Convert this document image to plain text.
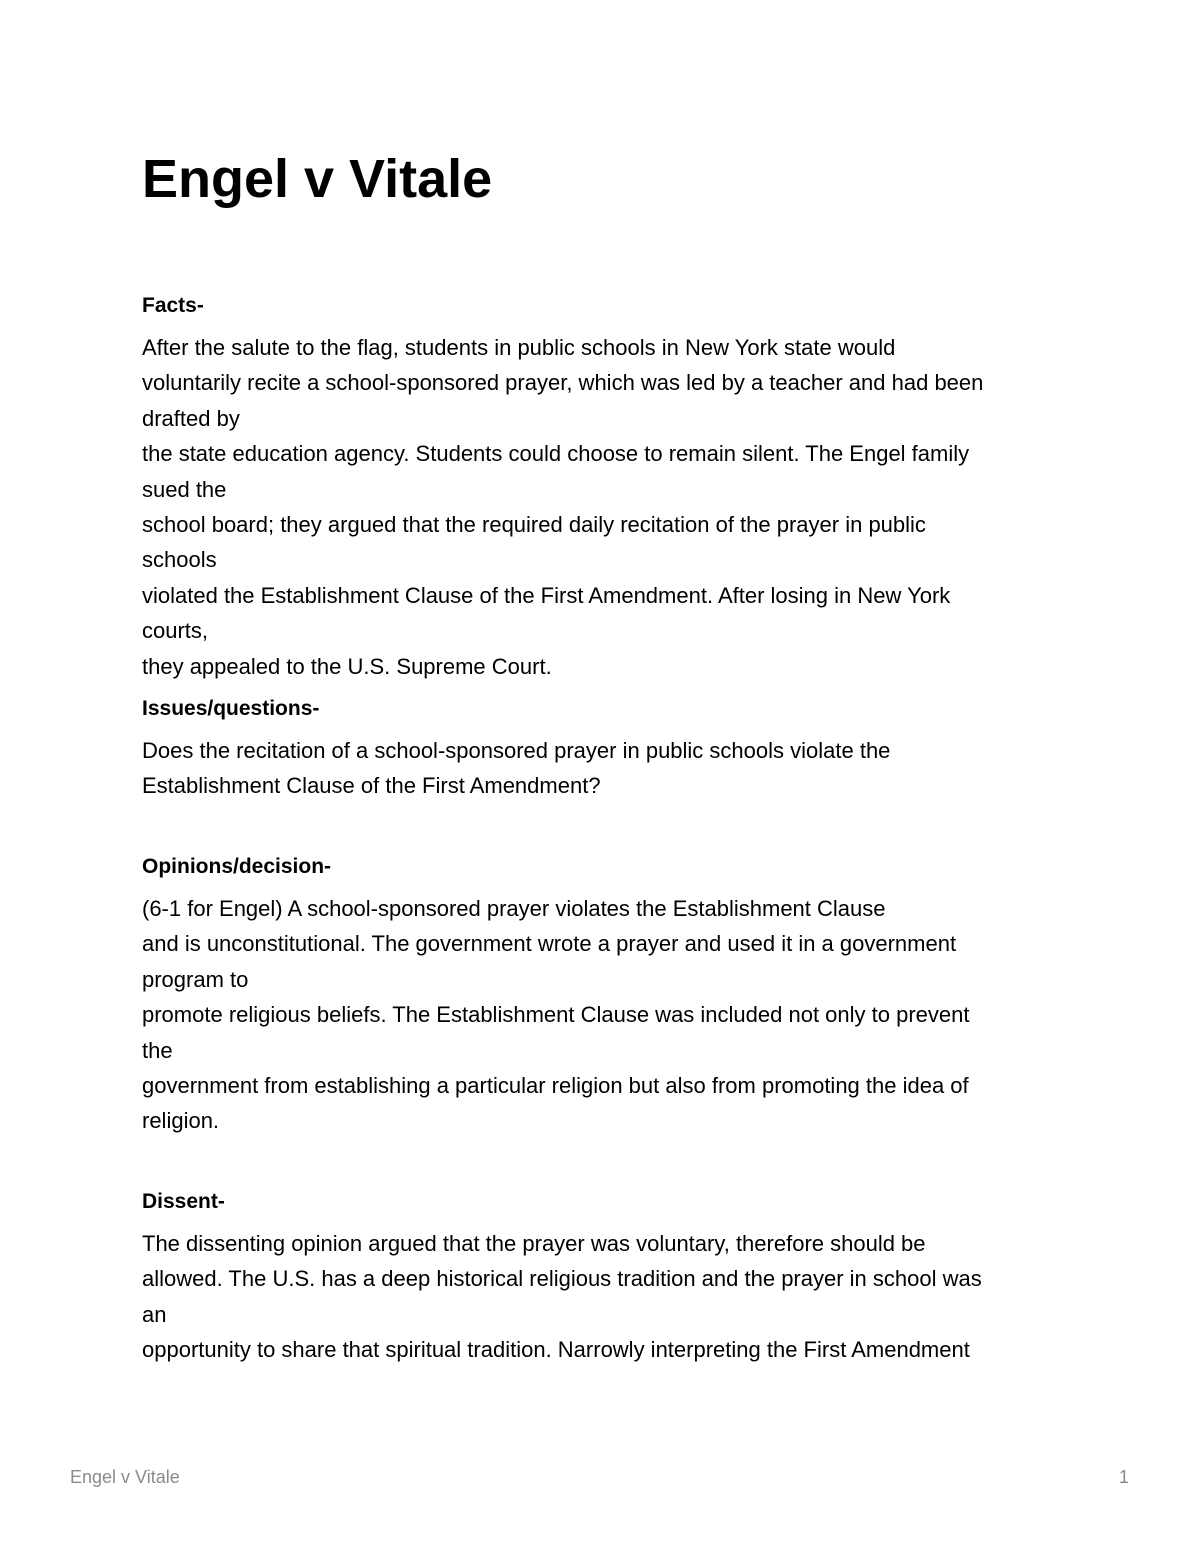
Engel v Vitale
Facts-
After the salute to the flag, students in public schools in New York state would
voluntarily recite a school-sponsored prayer, which was led by a teacher and had been
drafted by
the state education agency. Students could choose to remain silent. The Engel family
sued the
school board; they argued that the required daily recitation of the prayer in public
schools
violated the Establishment Clause of the First Amendment. After losing in New York
courts,
they appealed to the U.S. Supreme Court.
Issues/questions-
Does the recitation of a school-sponsored prayer in public schools violate the
Establishment Clause of the First Amendment?
Opinions/decision-
(6-1 for Engel) A school-sponsored prayer violates the Establishment Clause
and is unconstitutional. The government wrote a prayer and used it in a government
program to
promote religious beliefs. The Establishment Clause was included not only to prevent
the
government from establishing a particular religion but also from promoting the idea of
religion.
Dissent-
The dissenting opinion argued that the prayer was voluntary, therefore should be
allowed. The U.S. has a deep historical religious tradition and the prayer in school was
an
opportunity to share that spiritual tradition. Narrowly interpreting the First Amendment
Engel v Vitale	1
